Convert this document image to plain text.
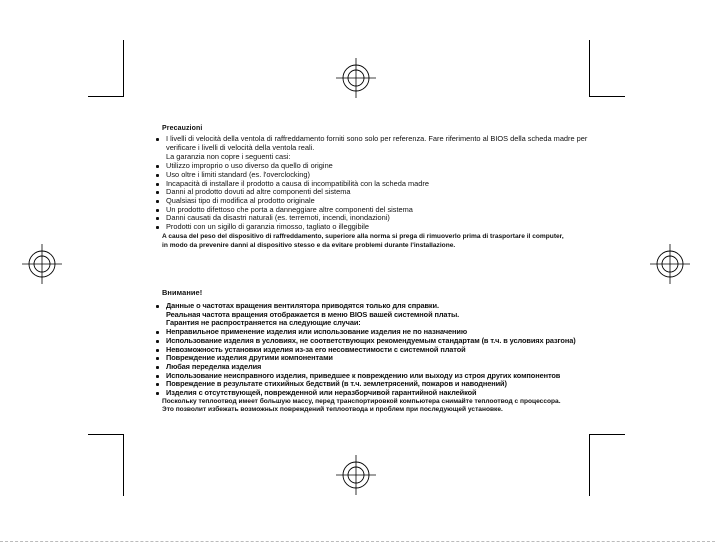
Precauzioni
I livelli di velocità della ventola di raffreddamento forniti sono solo per referenza. Fare riferimento al BIOS della scheda madre per
verificare i livelli di velocità della ventola reali.
La garanzia non copre i seguenti casi:
Utilizzo improprio o uso diverso da quello di origine
Uso oltre i limiti standard (es. l'overclocking)
Incapacità di installare il prodotto a causa di incompatibilità con la scheda madre
Danni al prodotto dovuti ad altre componenti del sistema
Qualsiasi tipo di modifica al prodotto originale
Un prodotto difettoso che porta a danneggiare altre componenti del sistema
Danni causati da disastri naturali (es. terremoti, incendi, inondazioni)
Prodotti con un sigillo di garanzia rimosso, tagliato o illeggibile
A causa del peso del dispositivo di raffreddamento, superiore alla norma si prega di rimuoverlo prima di trasportare il computer,
in modo da prevenire danni al dispositivo stesso e da evitare problemi durante l'installazione.
Внимание!
Данные о частотах вращения вентилятора приводятся только для справки.
Реальная частота вращения отображается в меню BIOS вашей системной платы.
Гарантия не распространяется на следующие случаи:
Неправильное применение изделия или использование изделия не по назначению
Использование изделия в условиях, не соответствующих рекомендуемым стандартам (в т.ч. в условиях разгона)
Невозможность установки изделия из-за его несовместимости с системной платой
Повреждение изделия другими компонентами
Любая переделка изделия
Использование неисправного изделия, приведшее к повреждению или выходу из строя других компонентов
Повреждение в результате стихийных бедствий (в т.ч. землетрясений, пожаров и наводнений)
Изделия с отсутствующей, поврежденной или неразборчивой гарантийной наклейкой
Поскольку теплоотвод имеет большую массу, перед транспортировкой компьютера снимайте теплоотвод с процессора.
Это позволит избежать возможных повреждений теплоотвода и проблем при последующей установке.
